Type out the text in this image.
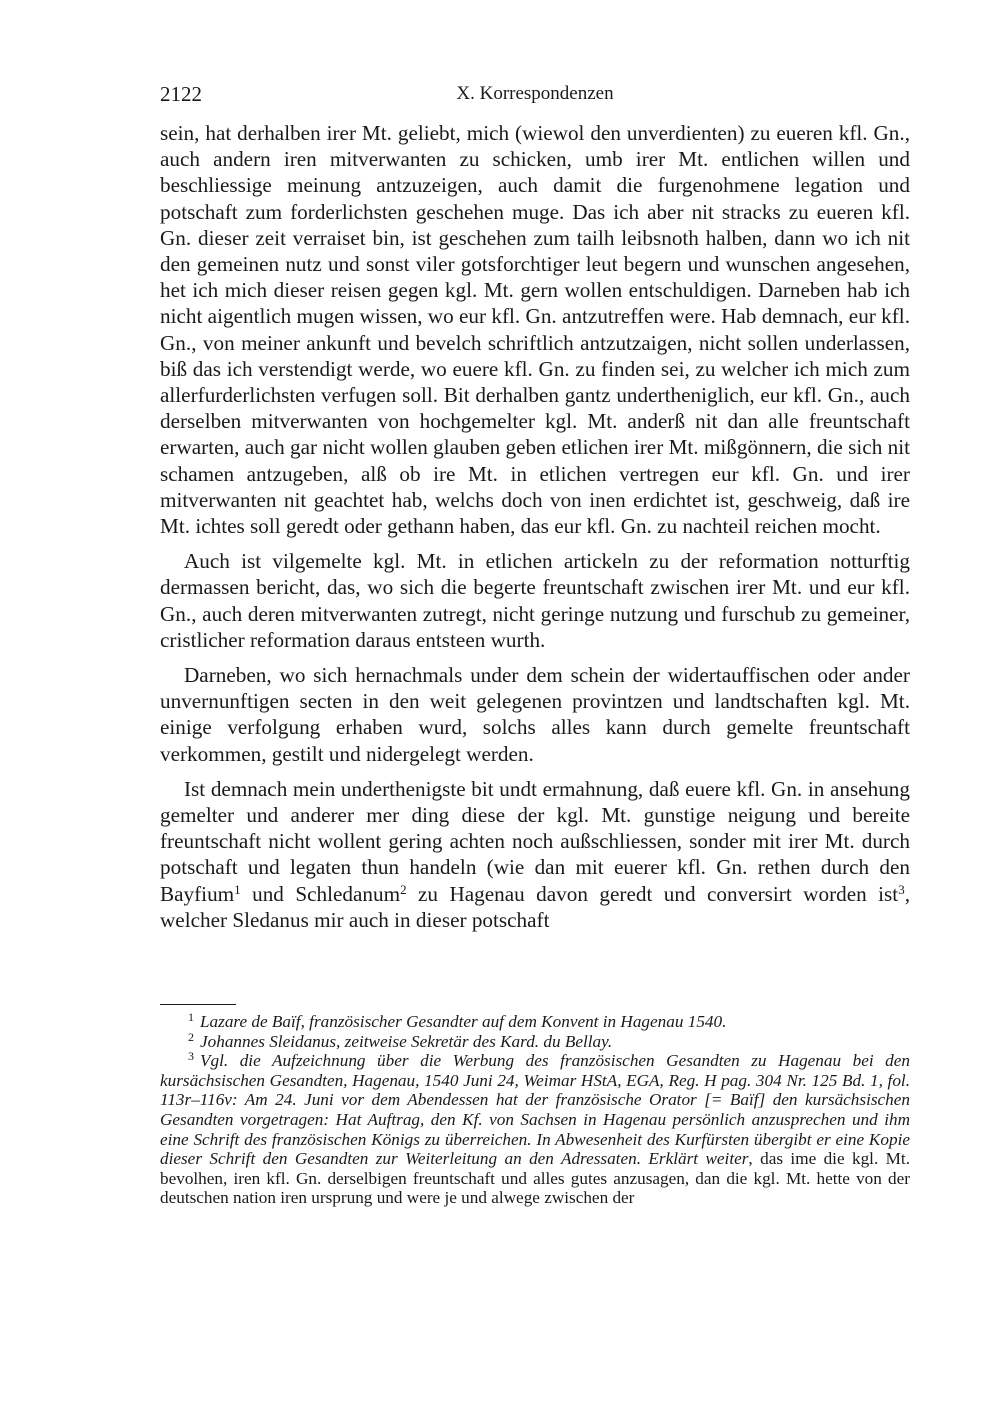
2122	X. Korrespondenzen

sein, hat derhalben irer Mt. geliebt, mich (wiewol den unverdienten) zu eueren kfl. Gn., auch andern iren mitverwanten zu schicken, umb irer Mt. entlichen willen und beschliessige meinung antzuzeigen, auch damit die furgenohmene legation und potschaft zum forderlichsten geschehen muge. Das ich aber nit stracks zu eueren kfl. Gn. dieser zeit verraiset bin, ist geschehen zum tailh leibsnoth halben, dann wo ich nit den gemeinen nutz und sonst viler gotsforchtiger leut begern und wunschen angesehen, het ich mich dieser reisen gegen kgl. Mt. gern wollen entschuldigen. Darneben hab ich nicht aigentlich mugen wissen, wo eur kfl. Gn. antzutreffen were. Hab demnach, eur kfl. Gn., von meiner ankunft und bevelch schriftlich antzutzaigen, nicht sollen underlassen, biß das ich verstendigt werde, wo euere kfl. Gn. zu finden sei, zu welcher ich mich zum allerfurderlichsten verfugen soll. Bit derhalben gantz undertheniglich, eur kfl. Gn., auch derselben mitverwanten von hochgemelter kgl. Mt. anderß nit dan alle freuntschaft erwarten, auch gar nicht wollen glauben geben etlichen irer Mt. mißgönnern, die sich nit schamen antzugeben, alß ob ire Mt. in etlichen vertregen eur kfl. Gn. und irer mitverwanten nit geachtet hab, welchs doch von inen erdichtet ist, geschweig, daß ire Mt. ichtes soll geredt oder gethann haben, das eur kfl. Gn. zu nachteil reichen mocht.

Auch ist vilgemelte kgl. Mt. in etlichen artickeln zu der reformation notturftig dermassen bericht, das, wo sich die begerte freuntschaft zwischen irer Mt. und eur kfl. Gn., auch deren mitverwanten zutregt, nicht geringe nutzung und furschub zu gemeiner, cristlicher reformation daraus entsteen wurth.

Darneben, wo sich hernachmals under dem schein der widertauffischen oder ander unvernunftigen secten in den weit gelegenen provintzen und landtschaften kgl. Mt. einige verfolgung erhaben wurd, solchs alles kann durch gemelte freuntschaft verkommen, gestilt und nidergelegt werden.

Ist demnach mein underthenigste bit undt ermahnung, daß euere kfl. Gn. in ansehung gemelter und anderer mer ding diese der kgl. Mt. gunstige neigung und bereite freuntschaft nicht wollent gering achten noch außschliessen, sonder mit irer Mt. durch potschaft und legaten thun handeln (wie dan mit euerer kfl. Gn. rethen durch den Bayfium$^1$ und Schledanum$^2$ zu Hagenau davon geredt und conversirt worden ist$^3$, welcher Sledanus mir auch in dieser potschaft

$^1$ Lazare de Baïf, französischer Gesandter auf dem Konvent in Hagenau 1540.

$^2$ Johannes Sleidanus, zeitweise Sekretär des Kard. du Bellay.

$^3$ Vgl. die Aufzeichnung über die Werbung des französischen Gesandten zu Hagenau bei den kursächsischen Gesandten, Hagenau, 1540 Juni 24, Weimar HStA, EGA, Reg. H pag. 304 Nr. 125 Bd. 1, fol. 113r–116v: Am 24. Juni vor dem Abendessen hat der französische Orator [= Baïf] den kursächsischen Gesandten vorgetragen: Hat Auftrag, den Kf. von Sachsen in Hagenau persönlich anzusprechen und ihm eine Schrift des französischen Königs zu überreichen. In Abwesenheit des Kurfürsten übergibt er eine Kopie dieser Schrift den Gesandten zur Weiterleitung an den Adressaten. Erklärt weiter, das ime die kgl. Mt. bevolhen, iren kfl. Gn. derselbigen freuntschaft und alles gutes anzusagen, dan die kgl. Mt. hette von der deutschen nation iren ursprung und were je und alwege zwischen der
